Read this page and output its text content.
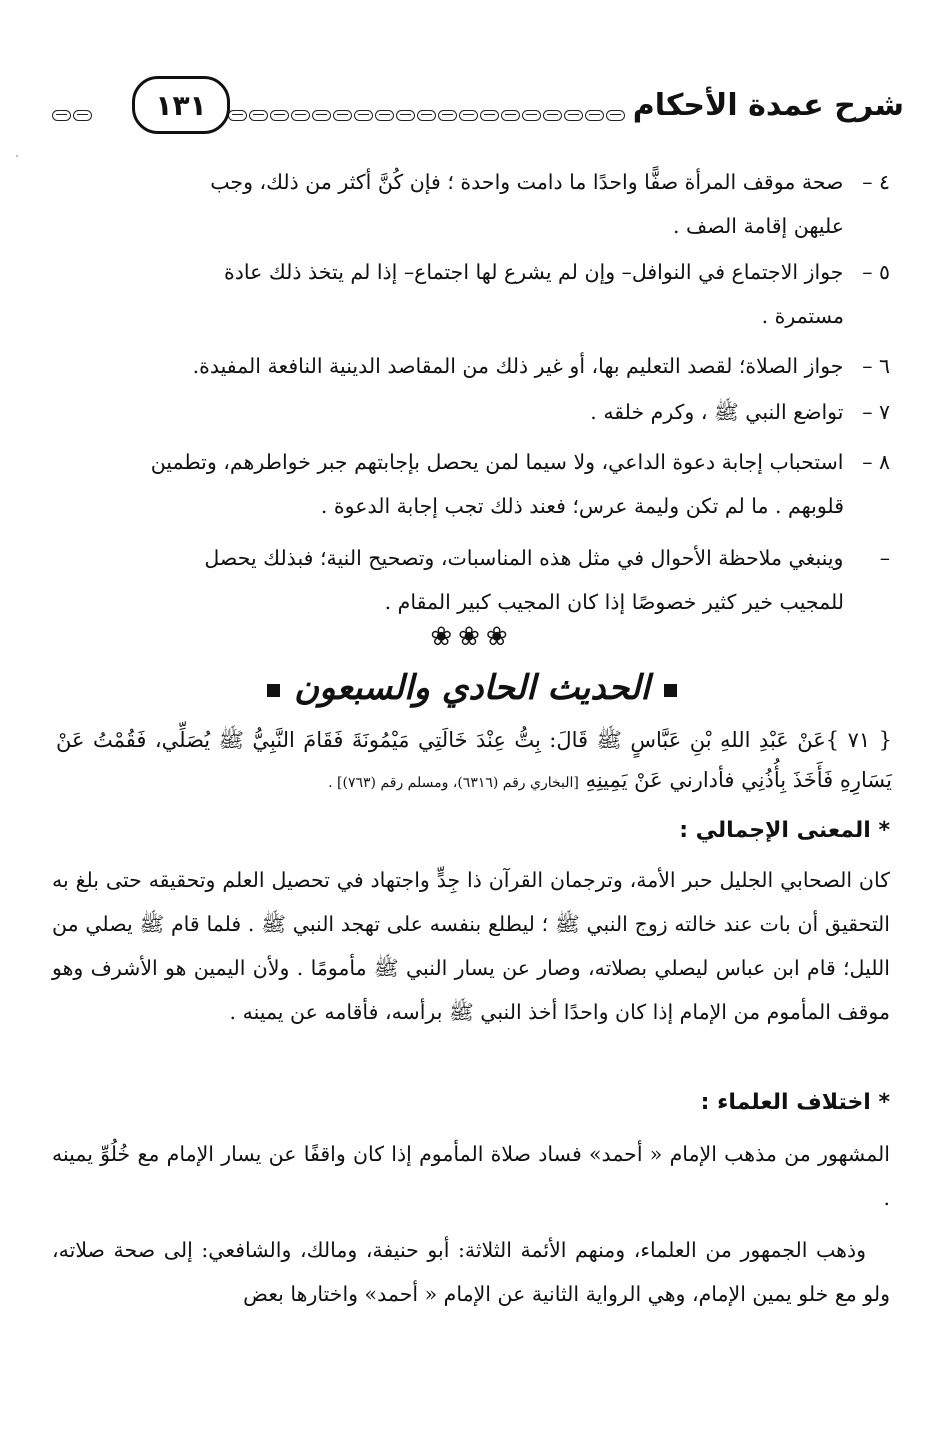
شرح عمدة الأحكام
١٣١
٤ – صحة موقف المرأة صفًّا واحدًا ما دامت واحدة ؛ فإن كُنَّ أكثر من ذلك، وجب
عليهن إقامة الصف .
٥ – جواز الاجتماع في النوافل– وإن لم يشرع لها اجتماع– إذا لم يتخذ ذلك عادة
مستمرة .
٦ – جواز الصلاة؛ لقصد التعليم بها، أو غير ذلك من المقاصد الدينية النافعة المفيدة.
٧ – تواضع النبي ﷺ ، وكرم خلقه .
٨ – استحباب إجابة دعوة الداعي، ولا سيما لمن يحصل بإجابتهم جبر خواطرهم، وتطمين
قلوبهم . ما لم تكن وليمة عرس؛ فعند ذلك تجب إجابة الدعوة .
– وينبغي ملاحظة الأحوال في مثل هذه المناسبات، وتصحيح النية؛ فبذلك يحصل
للمجيب خير كثير خصوصًا إذا كان المجيب كبير المقام .
❀❀❀
الحديث الحادي والسبعون
{ ٧١ }عَنْ عَبْدِ اللهِ بْنِ عَبَّاسٍ ﷺ قَالَ: بِتُّ عِنْدَ خَالَتِي مَيْمُونَةَ فَقَامَ النَّبِيُّ ﷺ يُصَلِّي، فَقُمْتُ عَنْ يَسَارِهِ فَأَخَذَ بِأُذُنِي فأدارني عَنْ يَمِينِهِ [البخاري رقم (٦٣١٦)، ومسلم رقم (٧٦٣)] .
* المعنى الإجمالي :
كان الصحابي الجليل حبر الأمة، وترجمان القرآن ذا جِدٍّ واجتهاد في تحصيل العلم وتحقيقه حتى بلغ به التحقيق أن بات عند خالته زوج النبي ﷺ ؛ ليطلع بنفسه على تهجد النبي ﷺ . فلما قام ﷺ يصلي من الليل؛ قام ابن عباس ليصلي بصلاته، وصار عن يسار النبي ﷺ مأمومًا . ولأن اليمين هو الأشرف وهو موقف المأموم من الإمام إذا كان واحدًا أخذ النبي ﷺ برأسه، فأقامه عن يمينه .
* اختلاف العلماء :
المشهور من مذهب الإمام « أحمد» فساد صلاة المأموم إذا كان واقفًا عن يسار الإمام مع خُلُوِّ يمينه .
وذهب الجمهور من العلماء، ومنهم الأئمة الثلاثة: أبو حنيفة، ومالك، والشافعي: إلى صحة صلاته، ولو مع خلو يمين الإمام، وهي الرواية الثانية عن الإمام « أحمد» واختارها بعض
